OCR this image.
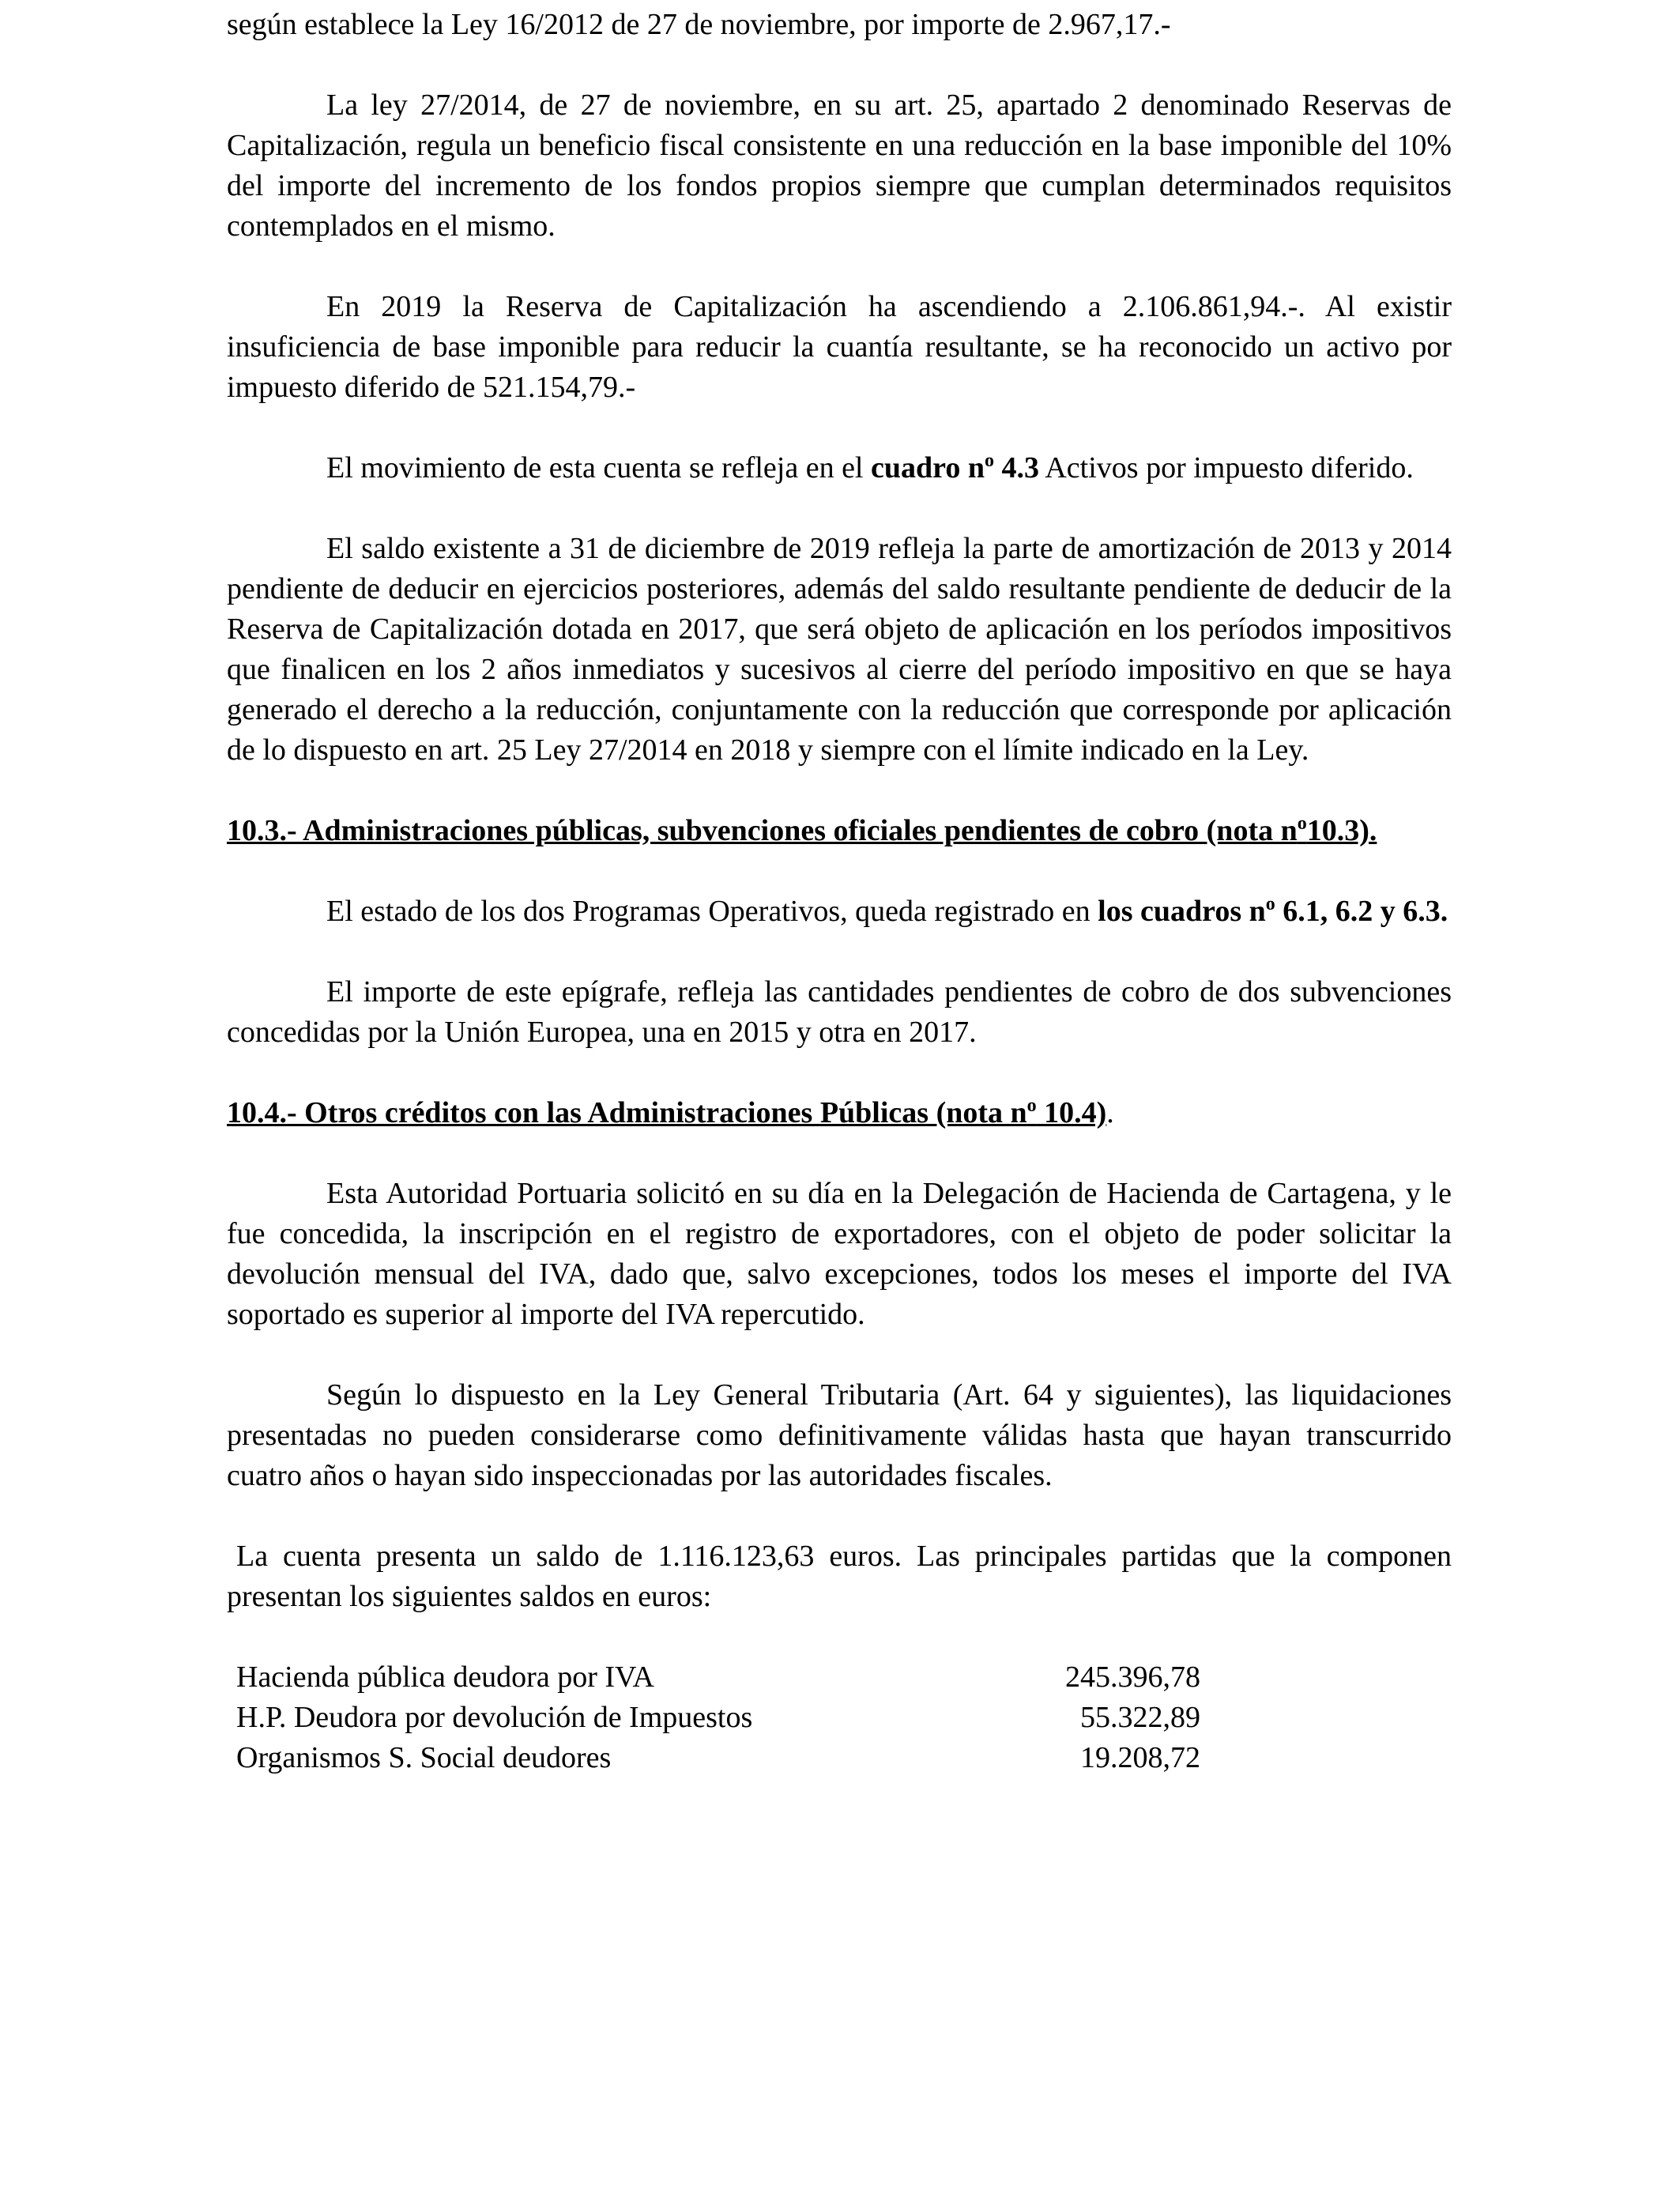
según establece la Ley 16/2012 de 27 de noviembre, por importe de 2.967,17.-

La ley 27/2014, de 27 de noviembre, en su art. 25, apartado 2 denominado Reservas de Capitalización, regula un beneficio fiscal consistente en una reducción en la base imponible del 10% del importe del incremento de los fondos propios siempre que cumplan determinados requisitos contemplados en el mismo.

En 2019 la Reserva de Capitalización ha ascendiendo a 2.106.861,94.-. Al existir insuficiencia de base imponible para reducir la cuantía resultante, se ha reconocido un activo por impuesto diferido de 521.154,79.-

El movimiento de esta cuenta se refleja en el cuadro $n^o$ 4.3 Activos por impuesto diferido.

El saldo existente a 31 de diciembre de 2019 refleja la parte de amortización de 2013 y 2014 pendiente de deducir en ejercicios posteriores, además del saldo resultante pendiente de deducir de la Reserva de Capitalización dotada en 2017, que será objeto de aplicación en los períodos impositivos que finalicen en los 2 años inmediatos y sucesivos al cierre del período impositivo en que se haya generado el derecho a la reducción, conjuntamente con la reducción que corresponde por aplicación de lo dispuesto en art. 25 Ley 27/2014 en 2018 y siempre con el límite indicado en la Ley.

10.3.- Administraciones públicas, subvenciones oficiales pendientes de cobro (nota $n^o10.3$).

El estado de los dos Programas Operativos, queda registrado en los cuadros $n^o$ 6.1, 6.2 y 6.3.

El importe de este epígrafe, refleja las cantidades pendientes de cobro de dos subvenciones concedidas por la Unión Europea, una en 2015 y otra en 2017.

10.4.- Otros créditos con las Administraciones Públicas (nota $n^o$ 10.4).

Esta Autoridad Portuaria solicitó en su día en la Delegación de Hacienda de Cartagena, y le fue concedida, la inscripción en el registro de exportadores, con el objeto de poder solicitar la devolución mensual del IVA, dado que, salvo excepciones, todos los meses el importe del IVA soportado es superior al importe del IVA repercutido.

Según lo dispuesto en la Ley General Tributaria (Art. 64 y siguientes), las liquidaciones presentadas no pueden considerarse como definitivamente válidas hasta que hayan transcurrido cuatro años o hayan sido inspeccionadas por las autoridades fiscales.

La cuenta presenta un saldo de 1.116.123,63 euros. Las principales partidas que la componen presentan los siguientes saldos en euros:

Hacienda pública deudora por IVA	245.396,78
H.P. Deudora por devolución de Impuestos	55.322,89
Organismos S. Social deudores	19.208,72
